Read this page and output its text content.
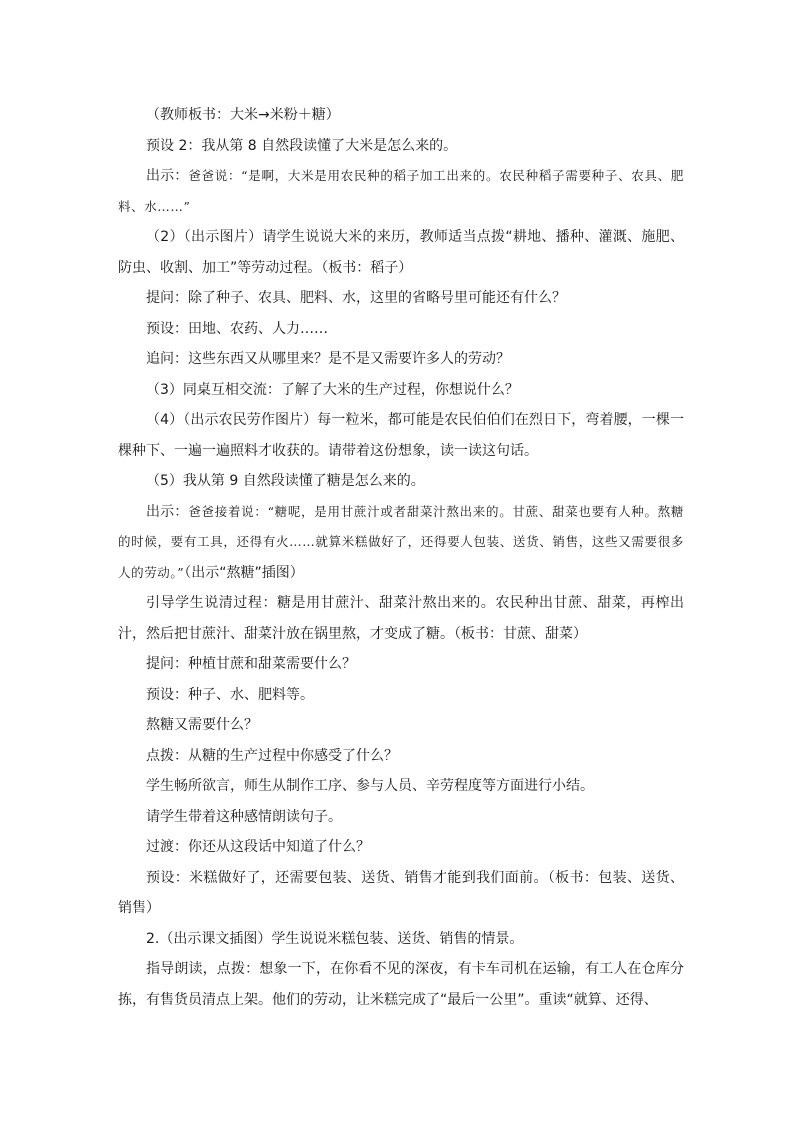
（教师板书：大米→米粉＋糖）

预设 2：我从第 8 自然段读懂了大米是怎么来的。

出示：爸爸说：“是啊，大米是用农民种的稻子加工出来的。农民种稻子需要种子、农具、肥料、水……”

（2）（出示图片）请学生说说大米的来历，教师适当点拨“耕地、播种、灌溉、施肥、防虫、收割、加工”等劳动过程。（板书：稻子）

提问：除了种子、农具、肥料、水，这里的省略号里可能还有什么？

预设：田地、农药、人力……

追问：这些东西又从哪里来？是不是又需要许多人的劳动？

（3）同桌互相交流：了解了大米的生产过程，你想说什么？

（4）（出示农民劳作图片）每一粒米，都可能是农民伯伯们在烈日下，弯着腰，一棵一棵种下、一遍一遍照料才收获的。请带着这份想象，读一读这句话。

（5）我从第 9 自然段读懂了糖是怎么来的。

出示：爸爸接着说：“糖呢，是用甘蔗汁或者甜菜汁熬出来的。甘蔗、甜菜也要有人种。熬糖的时候，要有工具，还得有火……就算米糕做好了，还得要人包装、送货、销售，这些又需要很多人的劳动。”（出示“熬糖”插图）

引导学生说清过程：糖是用甘蔗汁、甜菜汁熬出来的。农民种出甘蔗、甜菜，再榨出汁，然后把甘蔗汁、甜菜汁放在锅里熬，才变成了糖。（板书：甘蔗、甜菜）

提问：种植甘蔗和甜菜需要什么？

预设：种子、水、肥料等。

熬糖又需要什么？

点拨：从糖的生产过程中你感受了什么？

学生畅所欲言，师生从制作工序、参与人员、辛劳程度等方面进行小结。

请学生带着这种感情朗读句子。

过渡：你还从这段话中知道了什么？

预设：米糕做好了，还需要包装、送货、销售才能到我们面前。（板书：包装、送货、销售）

2.（出示课文插图）学生说说米糕包装、送货、销售的情景。

指导朗读，点拨：想象一下，在你看不见的深夜，有卡车司机在运输，有工人在仓库分拣，有售货员清点上架。他们的劳动，让米糕完成了“最后一公里”。重读“就算、还得、
